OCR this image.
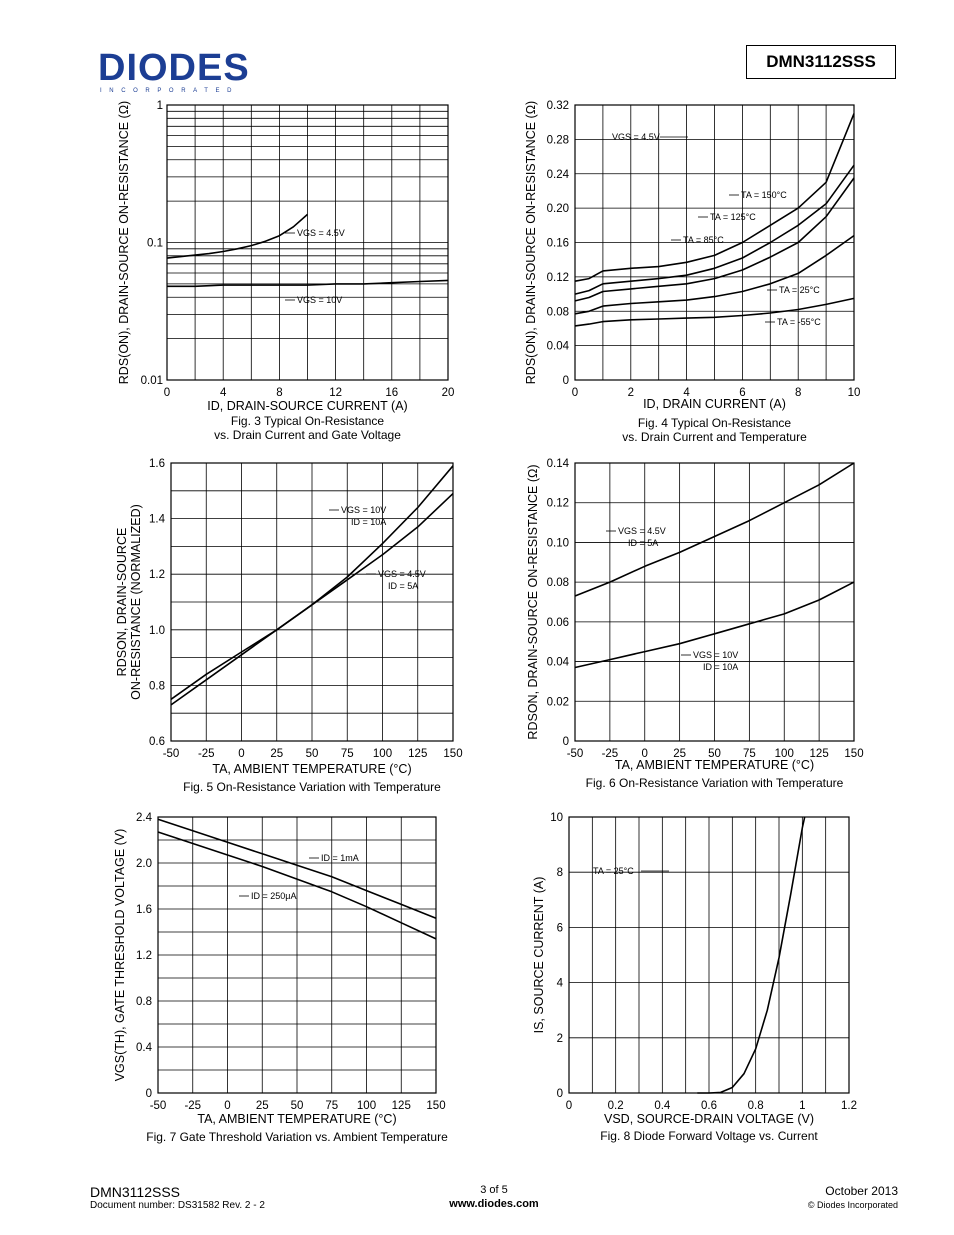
DIODES
INCORPORATED
DMN3112SSS
0	4	8	12	16	20
0.01
0.1
1
ID, DRAIN-SOURCE CURRENT (A)
RDS(ON), DRAIN-SOURCE ON-RESISTANCE (Ω)
Fig. 3 Typical On-Resistance
vs. Drain Current and Gate Voltage
VGS = 4.5V
VGS = 10V
0	2	4	6	8	10
0
0.04
0.08
0.12
0.16
0.20
0.24
0.28
0.32
ID, DRAIN CURRENT (A)
RDS(ON), DRAIN-SOURCE ON-RESISTANCE (Ω)
Fig. 4 Typical On-Resistance
vs. Drain Current and Temperature
TA = 150°C
TA = 125°C
TA = 85°C
TA = 25°C
TA = -55°C
VGS = 4.5V
-50 -25 0 25 50 75 100 125 150
0.6
0.8
1.0
1.2
1.4
1.6
TA, AMBIENT TEMPERATURE (°C)
RDSON, DRAIN-SOURCE ON-RESISTANCE (NORMALIZED)
Fig. 5 On-Resistance Variation with Temperature
VGS = 10V
ID = 10A
VGS = 4.5V
ID = 5A
-50 -25 0 25 50 75 100 125 150
0
0.02
0.04
0.06
0.08
0.10
0.12
0.14
TA, AMBIENT TEMPERATURE (°C)
RDSON, DRAIN-SOURCE ON-RESISTANCE (Ω)
Fig. 6 On-Resistance Variation with Temperature
VGS = 4.5V
ID = 5A
VGS = 10V
ID = 10A
-50 -25 0 25 50 75 100 125 150
0
0.4
0.8
1.2
1.6
2.0
2.4
TA, AMBIENT TEMPERATURE (°C)
VGS(TH), GATE THRESHOLD VOLTAGE (V)
Fig. 7 Gate Threshold Variation vs. Ambient Temperature
ID = 1mA
ID = 250μA
0	0.2	0.4	0.6	0.8	1	1.2
0
2
4
6
8
10
VSD, SOURCE-DRAIN VOLTAGE (V)
IS, SOURCE CURRENT (A)
Fig. 8 Diode Forward Voltage vs. Current
TA = 25°C
DMN3112SSS
Document number: DS31582 Rev. 2 - 2
3 of 5
www.diodes.com
October 2013
© Diodes Incorporated
